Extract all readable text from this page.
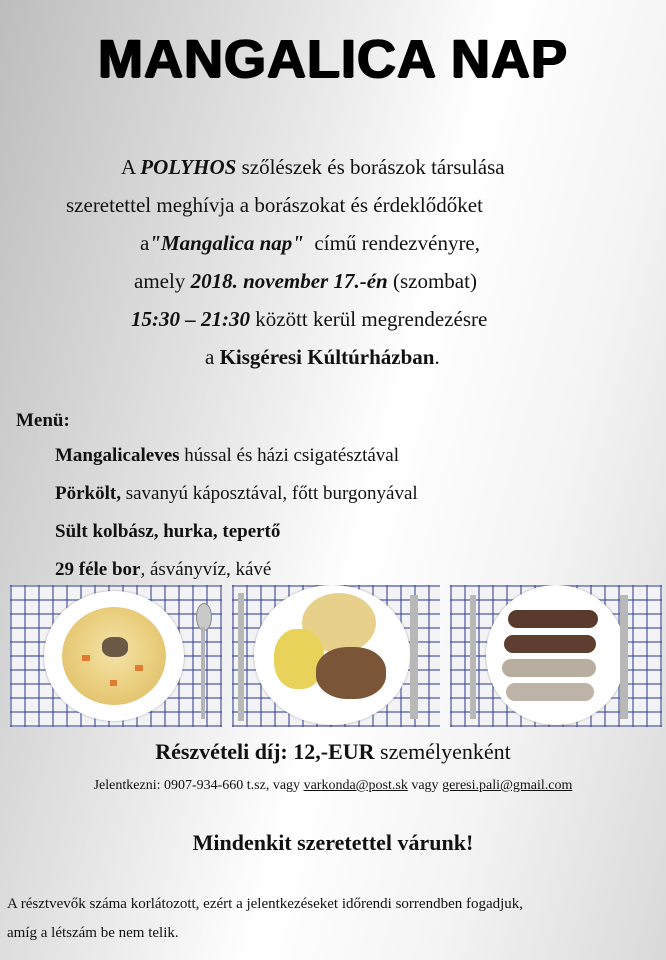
MANGALICA NAP
A POLYHOS szőlészek és borászok társulása
szeretettel meghívja a borászokat és érdeklődőket
a"Mangalica nap"  című rendezvényre,
amely 2018. november 17.-én (szombat)
15:30 – 21:30 között kerül megrendezésre
a Kisgéresi Kúltúrházban.
Menü:
Mangalicaleves hússal és házi csigatésztával
Pörkölt, savanyú káposztával, főtt burgonyával
Sült kolbász, hurka, tepertő
29 féle bor, ásványvíz, kávé
Részvételi díj: 12,-EUR személyenként
Jelentkezni: 0907-934-660 t.sz, vagy varkonda@post.sk vagy geresi.pali@gmail.com
Mindenkit szeretettel várunk!
A résztvevők száma korlátozott, ezért a jelentkezéseket időrendi sorrendben fogadjuk,
amíg a létszám be nem telik.
